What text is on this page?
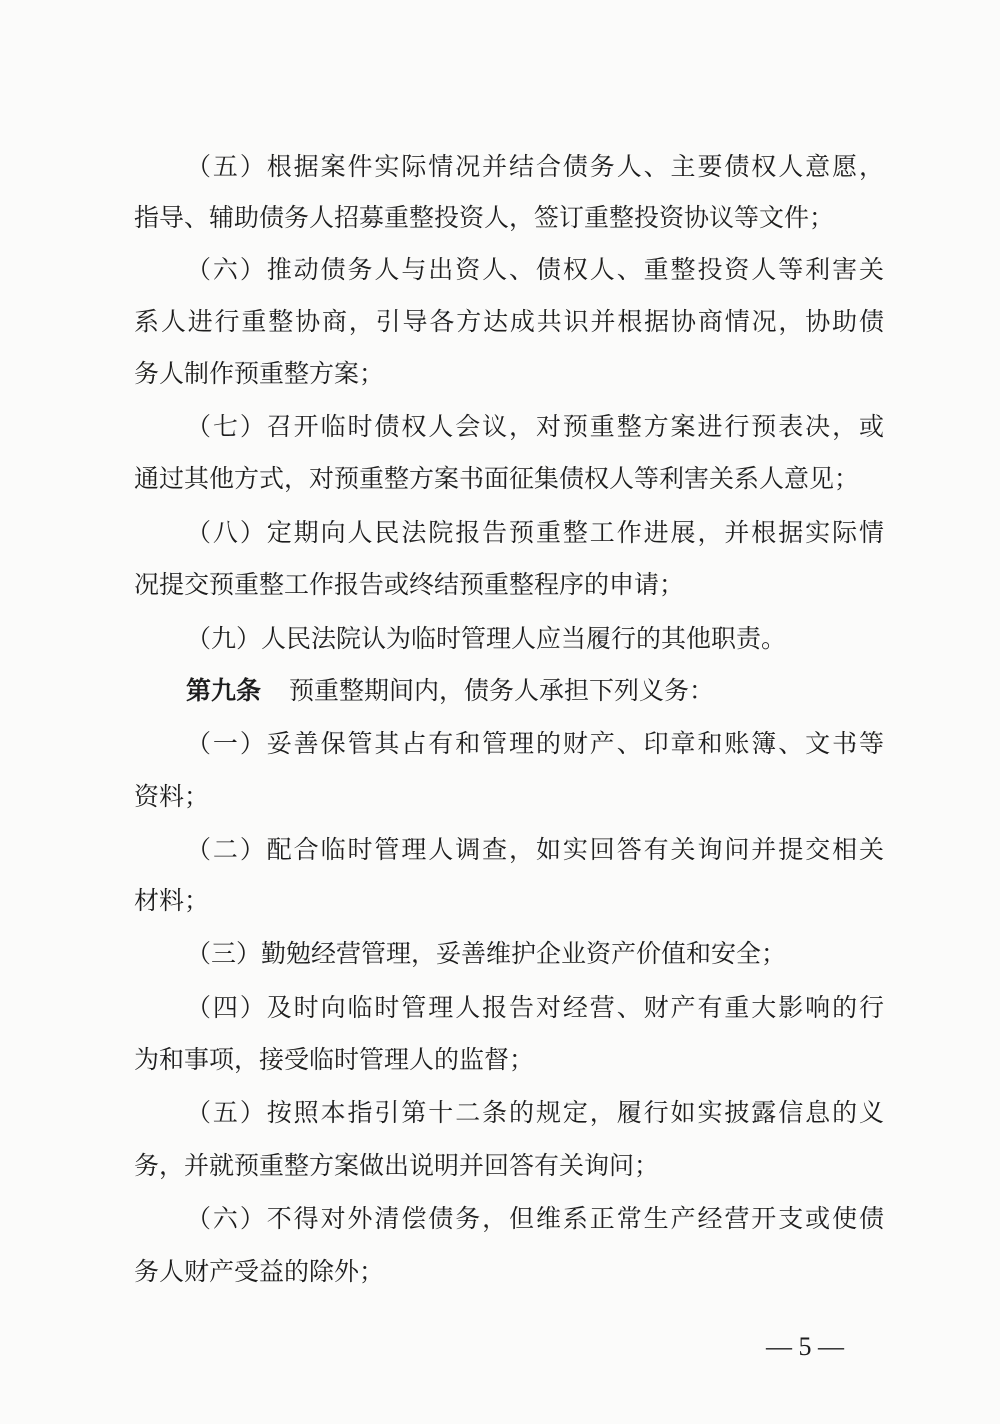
（五）根据案件实际情况并结合债务人、主要债权人意愿，
指导、辅助债务人招募重整投资人，签订重整投资协议等文件；
（六）推动债务人与出资人、债权人、重整投资人等利害关
系人进行重整协商，引导各方达成共识并根据协商情况，协助债
务人制作预重整方案；
（七）召开临时债权人会议，对预重整方案进行预表决，或
通过其他方式，对预重整方案书面征集债权人等利害关系人意见；
（八）定期向人民法院报告预重整工作进展，并根据实际情
况提交预重整工作报告或终结预重整程序的申请；
（九）人民法院认为临时管理人应当履行的其他职责。
第九条 预重整期间内，债务人承担下列义务：
（一）妥善保管其占有和管理的财产、印章和账簿、文书等
资料；
（二）配合临时管理人调查，如实回答有关询问并提交相关
材料；
（三）勤勉经营管理，妥善维护企业资产价值和安全；
（四）及时向临时管理人报告对经营、财产有重大影响的行
为和事项，接受临时管理人的监督；
（五）按照本指引第十二条的规定，履行如实披露信息的义
务，并就预重整方案做出说明并回答有关询问；
（六）不得对外清偿债务，但维系正常生产经营开支或使债
务人财产受益的除外；
— 5 —
